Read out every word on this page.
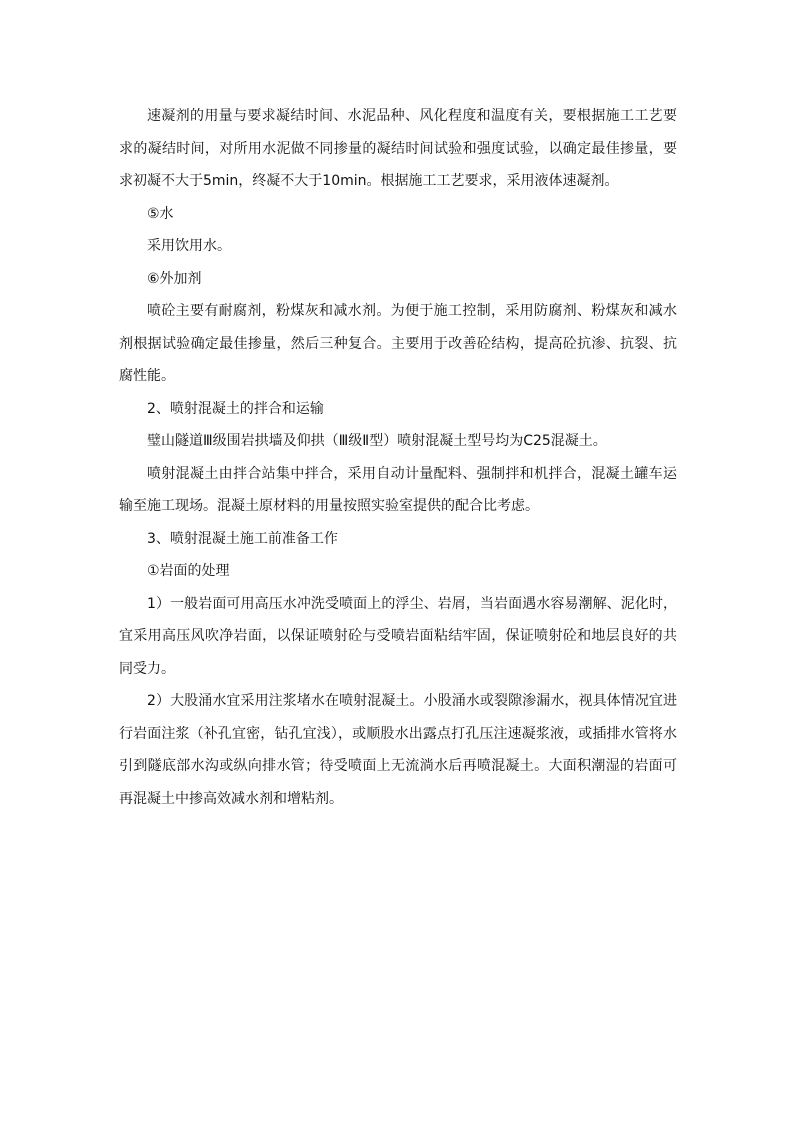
速凝剂的用量与要求凝结时间、水泥品种、风化程度和温度有关，要根据施工工艺要求的凝结时间，对所用水泥做不同掺量的凝结时间试验和强度试验，以确定最佳掺量，要求初凝不大于5min，终凝不大于10min。根据施工工艺要求，采用液体速凝剂。

⑤水

采用饮用水。

⑥外加剂

喷砼主要有耐腐剂，粉煤灰和减水剂。为便于施工控制，采用防腐剂、粉煤灰和减水剂根据试验确定最佳掺量，然后三种复合。主要用于改善砼结构，提高砼抗渗、抗裂、抗腐性能。

2、喷射混凝土的拌合和运输

璧山隧道Ⅲ级围岩拱墙及仰拱（Ⅲ级Ⅱ型）喷射混凝土型号均为C25混凝土。

喷射混凝土由拌合站集中拌合，采用自动计量配料、强制拌和机拌合，混凝土罐车运输至施工现场。混凝土原材料的用量按照实验室提供的配合比考虑。

3、喷射混凝土施工前准备工作

①岩面的处理

1）一般岩面可用高压水冲洗受喷面上的浮尘、岩屑，当岩面遇水容易潮解、泥化时，宜采用高压风吹净岩面，以保证喷射砼与受喷岩面粘结牢固，保证喷射砼和地层良好的共同受力。

2）大股涌水宜采用注浆堵水在喷射混凝土。小股涌水或裂隙渗漏水，视具体情况宜进行岩面注浆（补孔宜密，钻孔宜浅），或顺股水出露点打孔压注速凝浆液，或插排水管将水引到隧底部水沟或纵向排水管；待受喷面上无流淌水后再喷混凝土。大面积潮湿的岩面可再混凝土中掺高效减水剂和增粘剂。
